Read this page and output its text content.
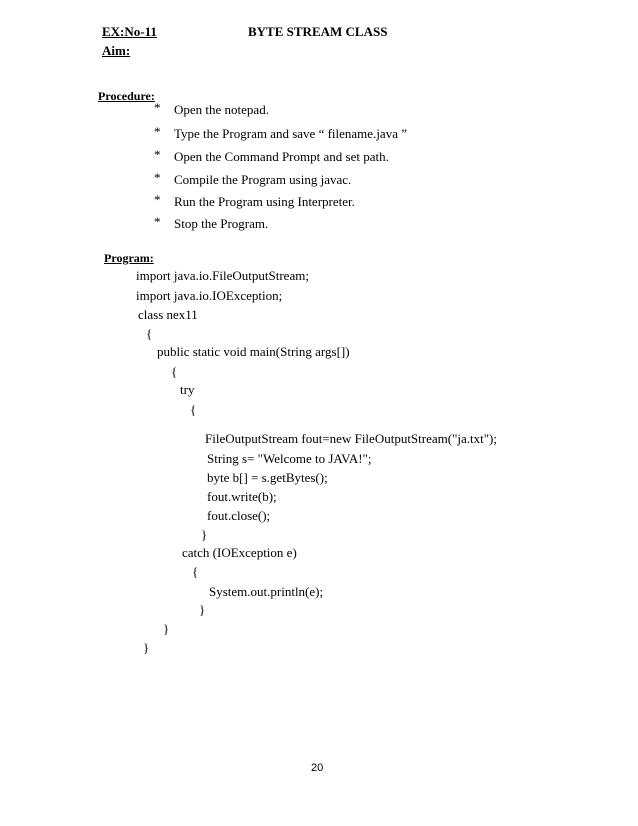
EX:No-11	BYTE STREAM CLASS
Aim:
Procedure:
* Open the notepad.
* Type the Program and save “ filename.java ”
* Open the Command Prompt and set path.
* Compile the Program using javac.
* Run the Program using Interpreter.
* Stop the Program.
Program:
import java.io.FileOutputStream;
import java.io.IOException;
class nex11
{
public static void main(String args[])
{
try
{
FileOutputStream fout=new FileOutputStream("ja.txt");
String s= "Welcome to JAVA!";
byte b[] = s.getBytes();
fout.write(b);
fout.close();
}
catch (IOException e)
{
System.out.println(e);
}
}
}
20
